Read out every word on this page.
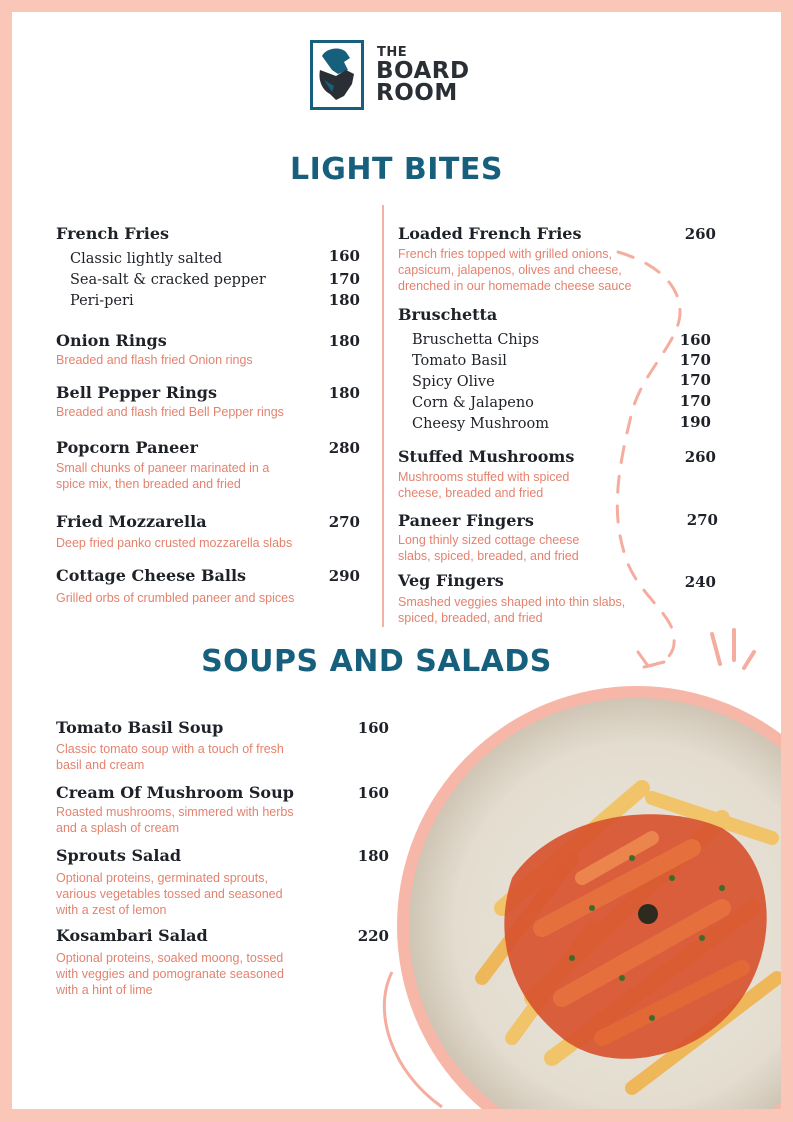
THE
BOARD
ROOM
LIGHT BITES
French Fries
Classic lightly salted	160
Sea-salt & cracked pepper	170
Peri-peri	180
Onion Rings	180
Breaded and flash fried Onion rings
Bell Pepper Rings	180
Breaded and flash fried Bell Pepper rings
Popcorn Paneer	280
Small chunks of paneer marinated in a
spice mix, then breaded and fried
Fried Mozzarella	270
Deep fried panko crusted mozzarella slabs
Cottage Cheese Balls	290
Grilled orbs of crumbled paneer and spices
Loaded French Fries	260
French fries topped with grilled onions,
capsicum, jalapenos, olives and cheese,
drenched in our homemade cheese sauce
Bruschetta
Bruschetta Chips	160
Tomato Basil	170
Spicy Olive	170
Corn & Jalapeno	170
Cheesy Mushroom	190
Stuffed Mushrooms	260
Mushrooms stuffed with spiced
cheese, breaded and fried
Paneer Fingers	270
Long thinly sized cottage cheese
slabs, spiced, breaded, and fried
Veg Fingers	240
Smashed veggies shaped into thin slabs,
spiced, breaded, and fried
SOUPS AND SALADS
Tomato Basil Soup	160
Classic tomato soup with a touch of fresh
basil and cream
Cream Of Mushroom Soup	160
Roasted mushrooms, simmered with herbs
and a splash of cream
Sprouts Salad	180
Optional proteins, germinated sprouts,
various vegetables tossed and seasoned
with a zest of lemon
Kosambari Salad	220
Optional proteins, soaked moong, tossed
with veggies and pomogranate seasoned
with a hint of lime
